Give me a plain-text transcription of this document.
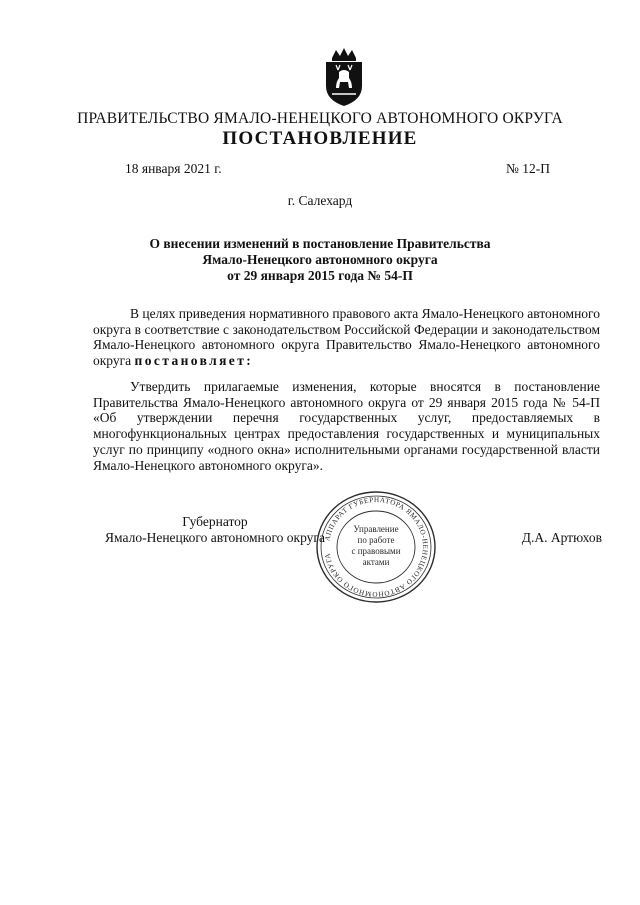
ПРАВИТЕЛЬСТВО ЯМАЛО-НЕНЕЦКОГО АВТОНОМНОГО ОКРУГА
ПОСТАНОВЛЕНИЕ
18 января 2021 г.	№ 12-П
г. Салехард
О внесении изменений в постановление Правительства
Ямало-Ненецкого автономного округа
от 29 января 2015 года № 54-П
В целях приведения нормативного правового акта Ямало-Ненецкого автономного округа в соответствие с законодательством Российской Федерации и законодательством Ямало-Ненецкого автономного округа Правительство Ямало-Ненецкого автономного округа постановляет:
Утвердить прилагаемые изменения, которые вносятся в постановление Правительства Ямало-Ненецкого автономного округа от 29 января 2015 года № 54-П «Об утверждении перечня государственных услуг, предоставляемых в многофункциональных центрах предоставления государственных и муниципальных услуг по принципу «одного окна» исполнительными органами государственной власти Ямало-Ненецкого автономного округа».
Губернатор
Ямало-Ненецкого автономного округа	Д.А. Артюхов
АППАРАТ ГУБЕРНАТОРА ЯМАЛО-НЕНЕЦКОГО АВТОНОМНОГО ОКРУГА
Управление
по работе
с правовыми
актами
